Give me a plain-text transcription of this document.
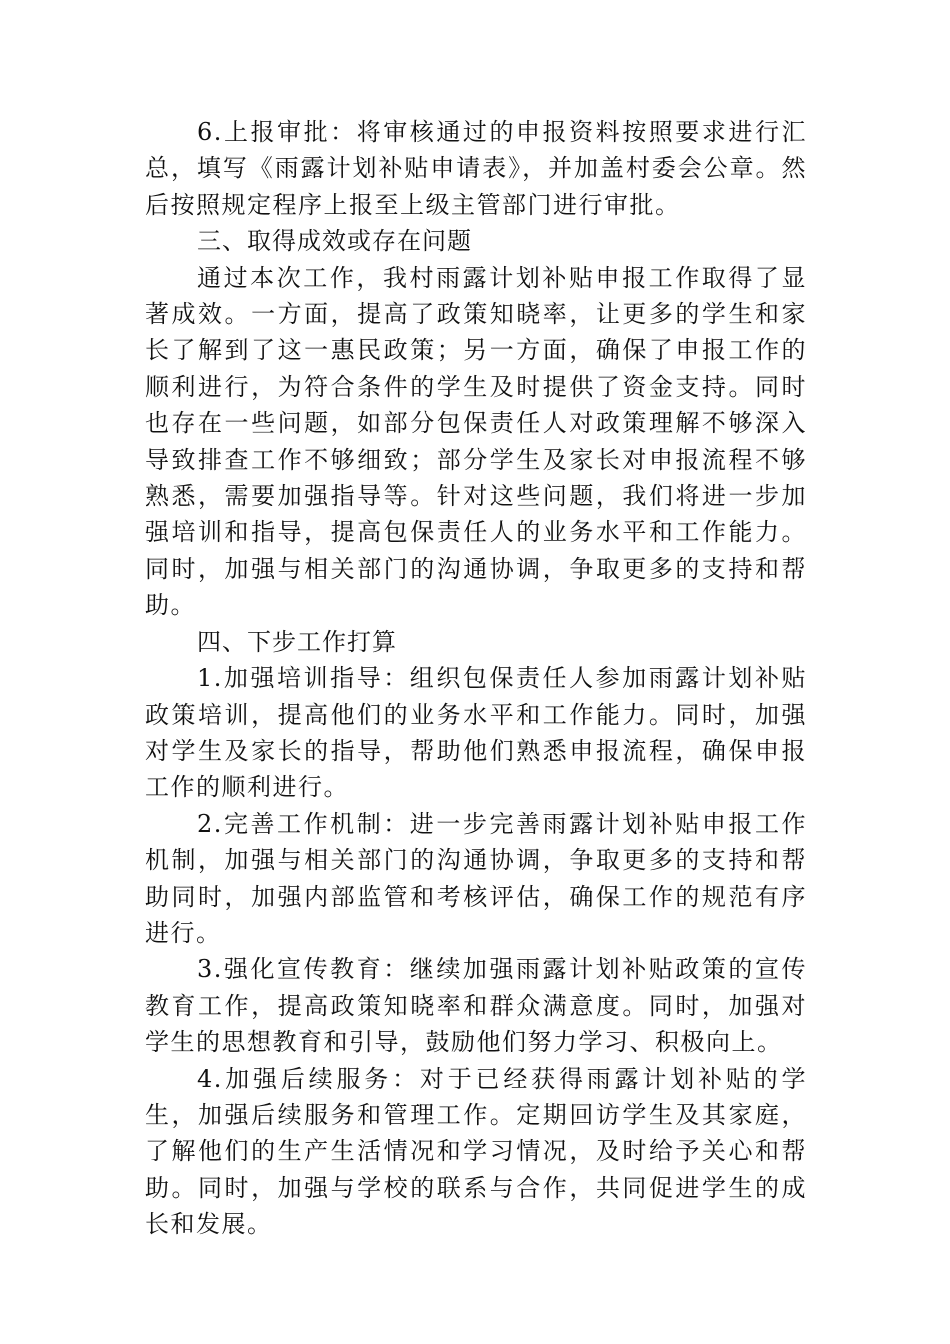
6.上报审批：将审核通过的申报资料按照要求进行汇总，填写《雨露计划补贴申请表》，并加盖村委会公章。然后按照规定程序上报至上级主管部门进行审批。

三、取得成效或存在问题

通过本次工作，我村雨露计划补贴申报工作取得了显著成效。一方面，提高了政策知晓率，让更多的学生和家长了解到了这一惠民政策；另一方面，确保了申报工作的顺利进行，为符合条件的学生及时提供了资金支持。同时也存在一些问题，如部分包保责任人对政策理解不够深入导致排查工作不够细致；部分学生及家长对申报流程不够熟悉，需要加强指导等。针对这些问题，我们将进一步加强培训和指导，提高包保责任人的业务水平和工作能力。同时，加强与相关部门的沟通协调，争取更多的支持和帮助。

四、下步工作打算

1.加强培训指导：组织包保责任人参加雨露计划补贴政策培训，提高他们的业务水平和工作能力。同时，加强对学生及家长的指导，帮助他们熟悉申报流程，确保申报工作的顺利进行。

2.完善工作机制：进一步完善雨露计划补贴申报工作机制，加强与相关部门的沟通协调，争取更多的支持和帮助同时，加强内部监管和考核评估，确保工作的规范有序进行。

3.强化宣传教育：继续加强雨露计划补贴政策的宣传教育工作，提高政策知晓率和群众满意度。同时，加强对学生的思想教育和引导，鼓励他们努力学习、积极向上。

4.加强后续服务：对于已经获得雨露计划补贴的学生，加强后续服务和管理工作。定期回访学生及其家庭，了解他们的生产生活情况和学习情况，及时给予关心和帮助。同时，加强与学校的联系与合作，共同促进学生的成长和发展。
